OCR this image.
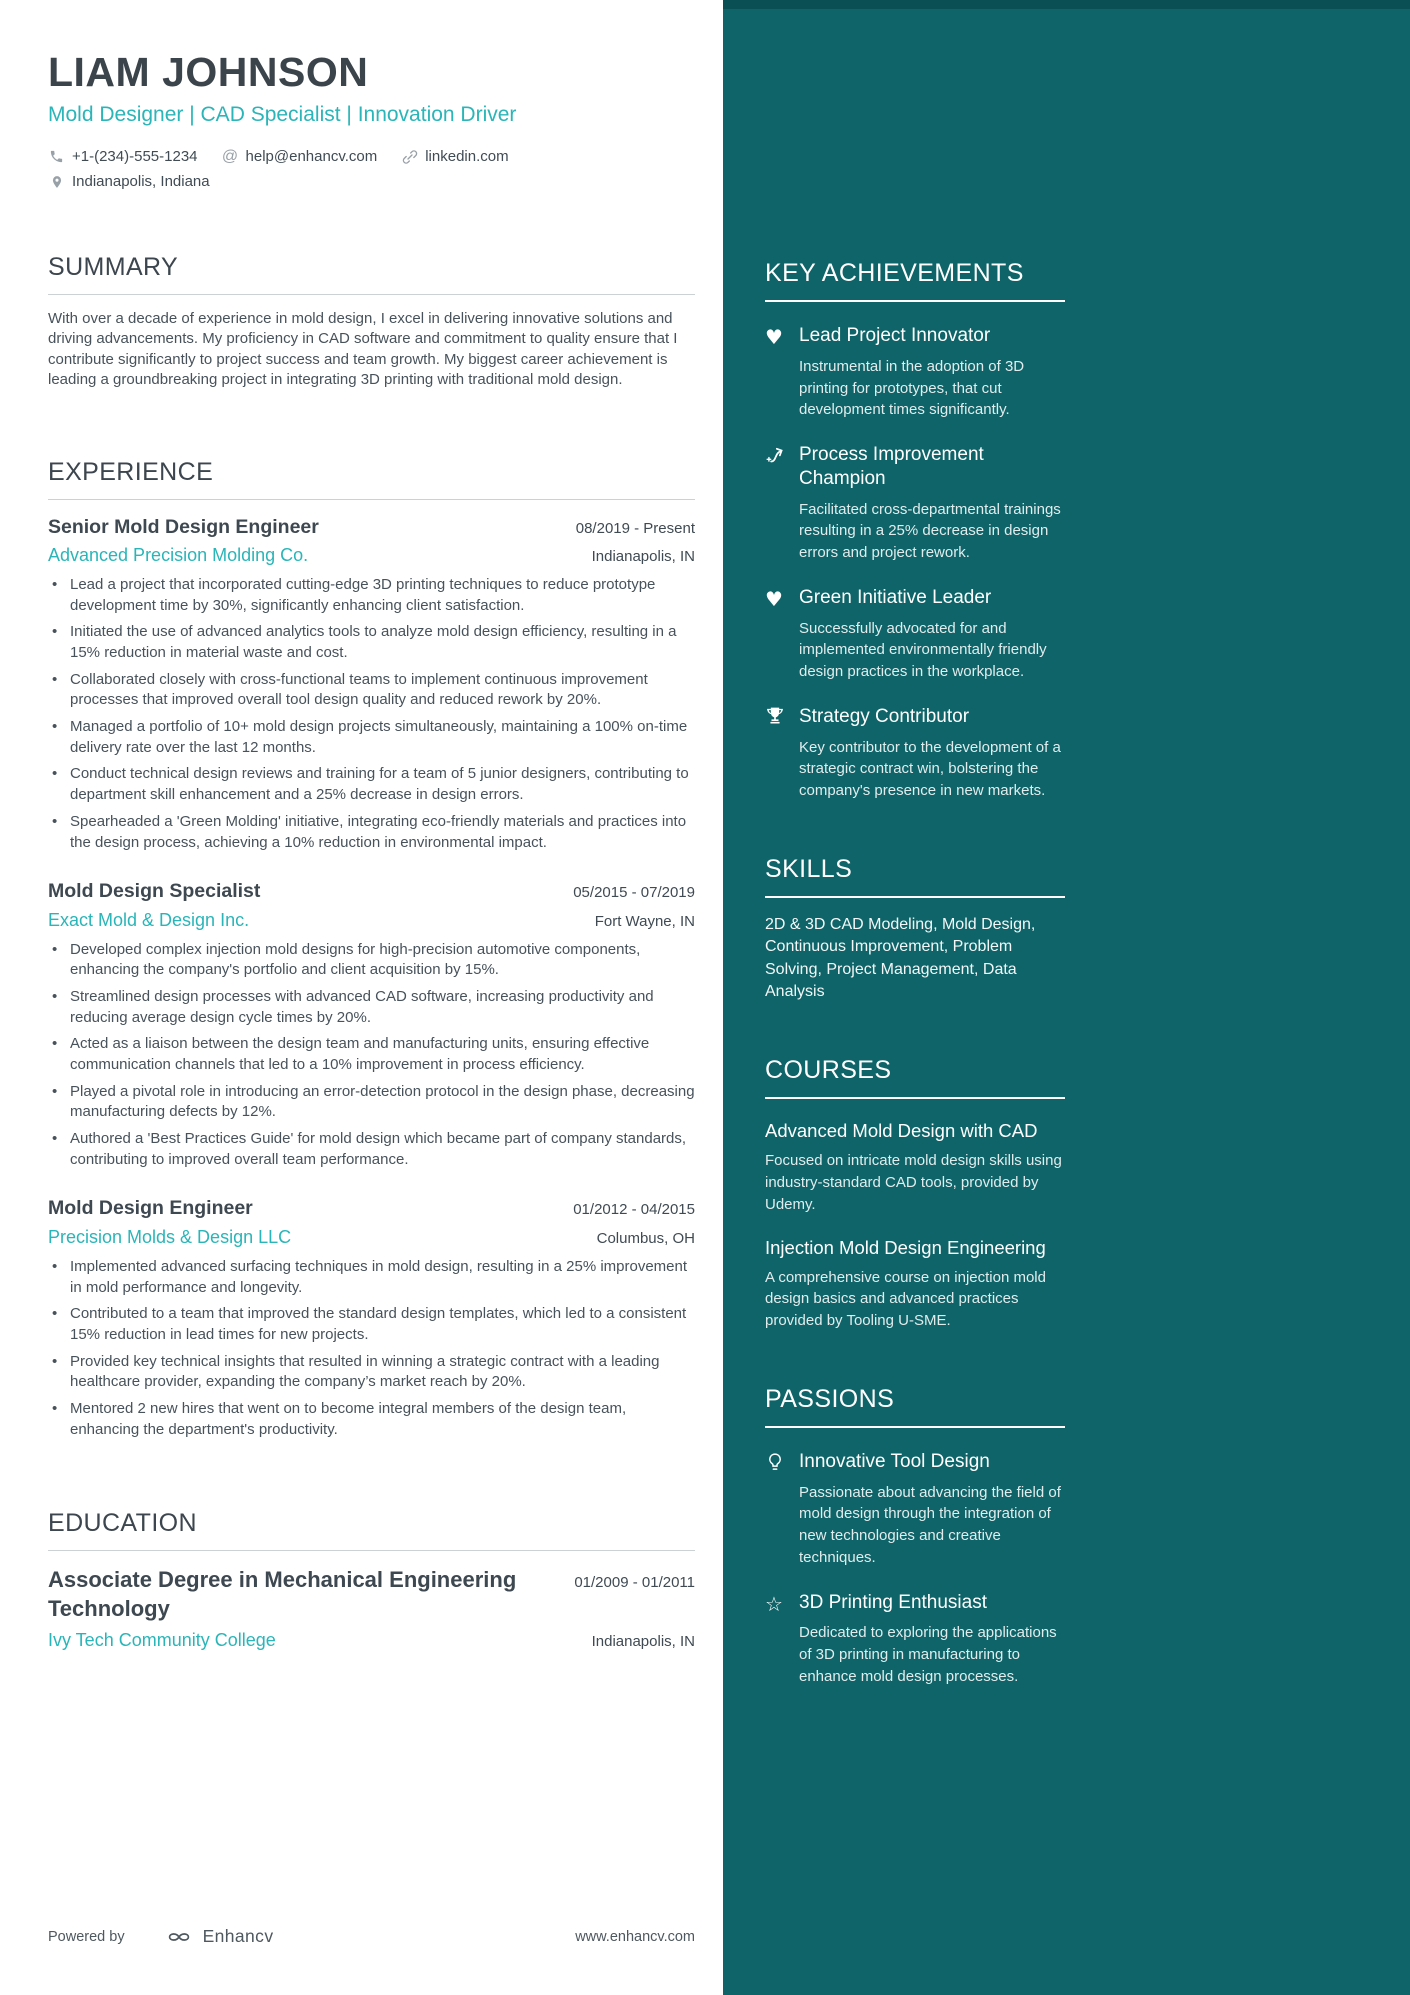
LIAM JOHNSON
Mold Designer | CAD Specialist | Innovation Driver
+1-(234)-555-1234 @ help@enhancv.com	linkedin.com
Indianapolis, Indiana
SUMMARY

With over a decade of experience in mold design, I excel in delivering innovative solutions and driving advancements. My proficiency in CAD software and commitment to quality ensure that I contribute significantly to project success and team growth. My biggest career achievement is leading a groundbreaking project in integrating 3D printing with traditional mold design.

EXPERIENCE
Senior Mold Design Engineer	08/2019 - Present
Advanced Precision Molding Co.	Indianapolis, IN
• Lead a project that incorporated cutting-edge 3D printing techniques to reduce prototype development time by 30%, significantly enhancing client satisfaction.
• Initiated the use of advanced analytics tools to analyze mold design efficiency, resulting in a 15% reduction in material waste and cost.
• Collaborated closely with cross-functional teams to implement continuous improvement processes that improved overall tool design quality and reduced rework by 20%.
• Managed a portfolio of 10+ mold design projects simultaneously, maintaining a 100% on-time delivery rate over the last 12 months.
• Conduct technical design reviews and training for a team of 5 junior designers, contributing to department skill enhancement and a 25% decrease in design errors.
• Spearheaded a 'Green Molding' initiative, integrating eco-friendly materials and practices into the design process, achieving a 10% reduction in environmental impact.
Mold Design Specialist	05/2015 - 07/2019
Exact Mold & Design Inc.	Fort Wayne, IN
• Developed complex injection mold designs for high-precision automotive components, enhancing the company's portfolio and client acquisition by 15%.
• Streamlined design processes with advanced CAD software, increasing productivity and reducing average design cycle times by 20%.
• Acted as a liaison between the design team and manufacturing units, ensuring effective communication channels that led to a 10% improvement in process efficiency.
• Played a pivotal role in introducing an error-detection protocol in the design phase, decreasing manufacturing defects by 12%.
• Authored a 'Best Practices Guide' for mold design which became part of company standards, contributing to improved overall team performance.
Mold Design Engineer	01/2012 - 04/2015
Precision Molds & Design LLC	Columbus, OH
• Implemented advanced surfacing techniques in mold design, resulting in a 25% improvement in mold performance and longevity.
• Contributed to a team that improved the standard design templates, which led to a consistent 15% reduction in lead times for new projects.
• Provided key technical insights that resulted in winning a strategic contract with a leading healthcare provider, expanding the company’s market reach by 20%.
• Mentored 2 new hires that went on to become integral members of the design team, enhancing the department's productivity.
EDUCATION
Associate Degree in Mechanical Engineering Technology
01/2009 - 01/2011
Ivy Tech Community College	Indianapolis, IN
Powered by	Enhancv	www.enhancv.com
KEY ACHIEVEMENTS
♥ Lead Project Innovator

Instrumental in the adoption of 3D printing for prototypes, that cut development times significantly.

Process Improvement Champion

Facilitated cross-departmental trainings resulting in a 25% decrease in design errors and project rework.

♥ Green Initiative Leader

Successfully advocated for and implemented environmentally friendly design practices in the workplace.

Strategy Contributor

Key contributor to the development of a strategic contract win, bolstering the company's presence in new markets.

SKILLS

2D & 3D CAD Modeling, Mold Design, Continuous Improvement, Problem Solving, Project Management, Data Analysis

COURSES
Advanced Mold Design with CAD

Focused on intricate mold design skills using industry-standard CAD tools, provided by Udemy.

Injection Mold Design Engineering

A comprehensive course on injection mold design basics and advanced practices provided by Tooling U-SME.

PASSIONS
Innovative Tool Design

Passionate about advancing the field of mold design through the integration of new technologies and creative techniques.

☆ 3D Printing Enthusiast

Dedicated to exploring the applications of 3D printing in manufacturing to enhance mold design processes.
